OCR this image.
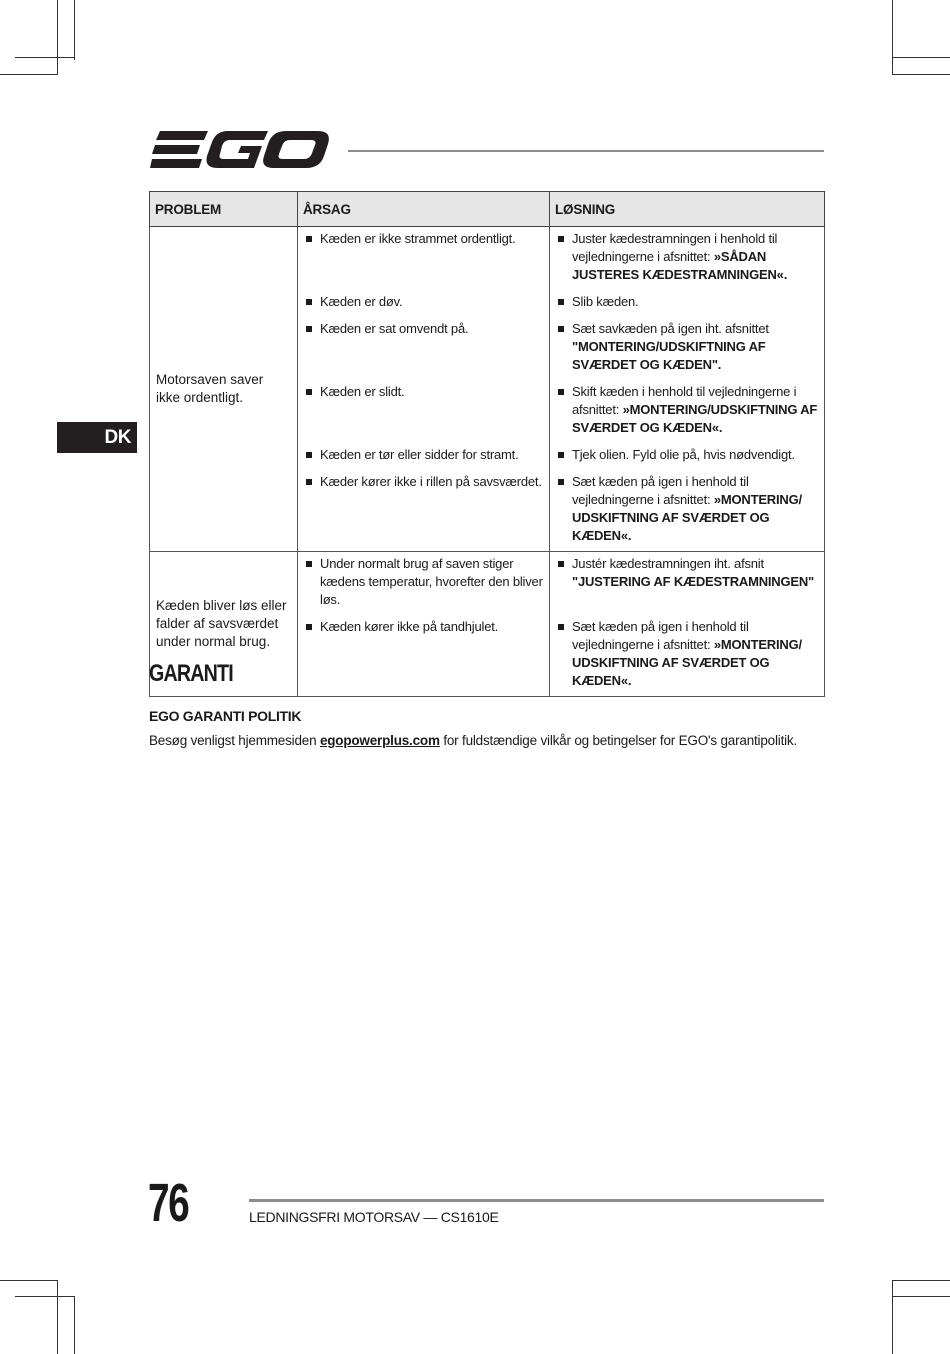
DK
PROBLEM	ÅRSAG	LØSNING
Motorsaven saver ikke ordentligt.	Kæden er ikke strammet ordentligt.	Juster kædestramningen i henhold til vejledningerne i afsnittet: »SÅDAN JUSTERES KÆDESTRAMNINGEN«.

	Kæden er døv.	Slib kæden.

	Kæden er sat omvendt på.	Sæt savkæden på igen iht. afsnittet "MONTERING/UDSKIFTNING AF SVÆRDET OG KÆDEN".

	Kæden er slidt.	Skift kæden i henhold til vejledningerne i afsnittet: »MONTERING/UDSKIFTNING AF SVÆRDET OG KÆDEN«.

	Kæden er tør eller sidder for stramt.	Tjek olien. Fyld olie på, hvis nødvendigt.

	Kæder kører ikke i rillen på savsværdet.	Sæt kæden på igen i henhold til vejledningerne i afsnittet: »MONTERING/ UDSKIFTNING AF SVÆRDET OG KÆDEN«.

Kæden bliver løs eller falder af savsværdet under normal brug.	Under normalt brug af saven stiger kædens temperatur, hvorefter den bliver løs.	Justér kædestramningen iht. afsnit "JUSTERING AF KÆDESTRAMNINGEN"

	Kæden kører ikke på tandhjulet.	Sæt kæden på igen i henhold til vejledningerne i afsnittet: »MONTERING/ UDSKIFTNING AF SVÆRDET OG KÆDEN«.
GARANTI
EGO GARANTI POLITIK
Besøg venligst hjemmesiden egopowerplus.com for fuldstændige vilkår og betingelser for EGO's garantipolitik.
76	LEDNINGSFRI MOTORSAV — CS1610E
